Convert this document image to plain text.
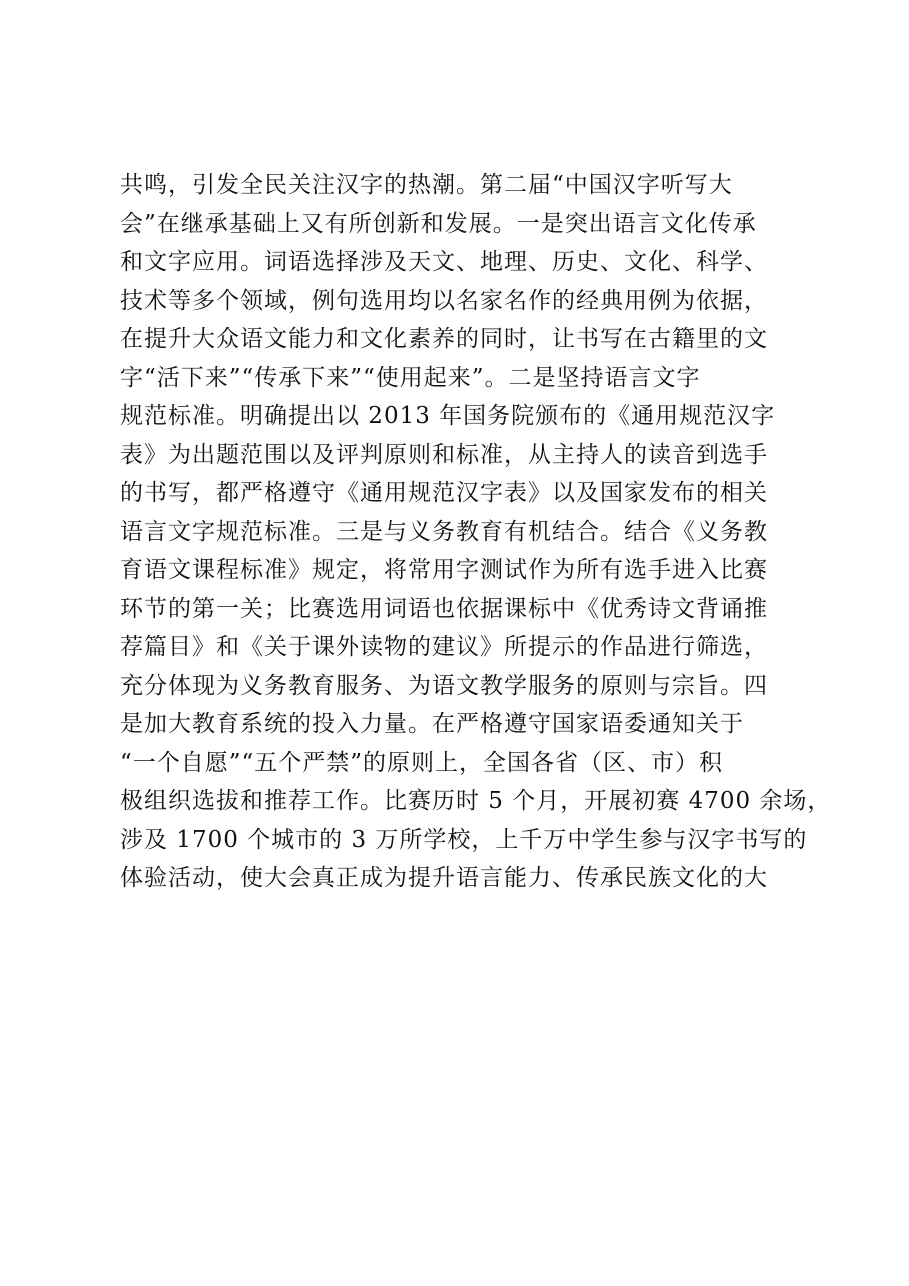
共鸣，引发全民关注汉字的热潮。第二届“中国汉字听写大
会”在继承基础上又有所创新和发展。一是突出语言文化传承
和文字应用。词语选择涉及天文、地理、历史、文化、科学、
技术等多个领域，例句选用均以名家名作的经典用例为依据，
在提升大众语文能力和文化素养的同时，让书写在古籍里的文
字“活下来”“传承下来”“使用起来”。二是坚持语言文字
规范标准。明确提出以 2013 年国务院颁布的《通用规范汉字
表》为出题范围以及评判原则和标准，从主持人的读音到选手
的书写，都严格遵守《通用规范汉字表》以及国家发布的相关
语言文字规范标准。三是与义务教育有机结合。结合《义务教
育语文课程标准》规定，将常用字测试作为所有选手进入比赛
环节的第一关；比赛选用词语也依据课标中《优秀诗文背诵推
荐篇目》和《关于课外读物的建议》所提示的作品进行筛选，
充分体现为义务教育服务、为语文教学服务的原则与宗旨。四
是加大教育系统的投入力量。在严格遵守国家语委通知关于
“一个自愿”“五个严禁”的原则上，全国各省（区、市）积
极组织选拔和推荐工作。比赛历时 5 个月，开展初赛 4700 余场，
涉及 1700 个城市的 3 万所学校，上千万中学生参与汉字书写的
体验活动，使大会真正成为提升语言能力、传承民族文化的大
